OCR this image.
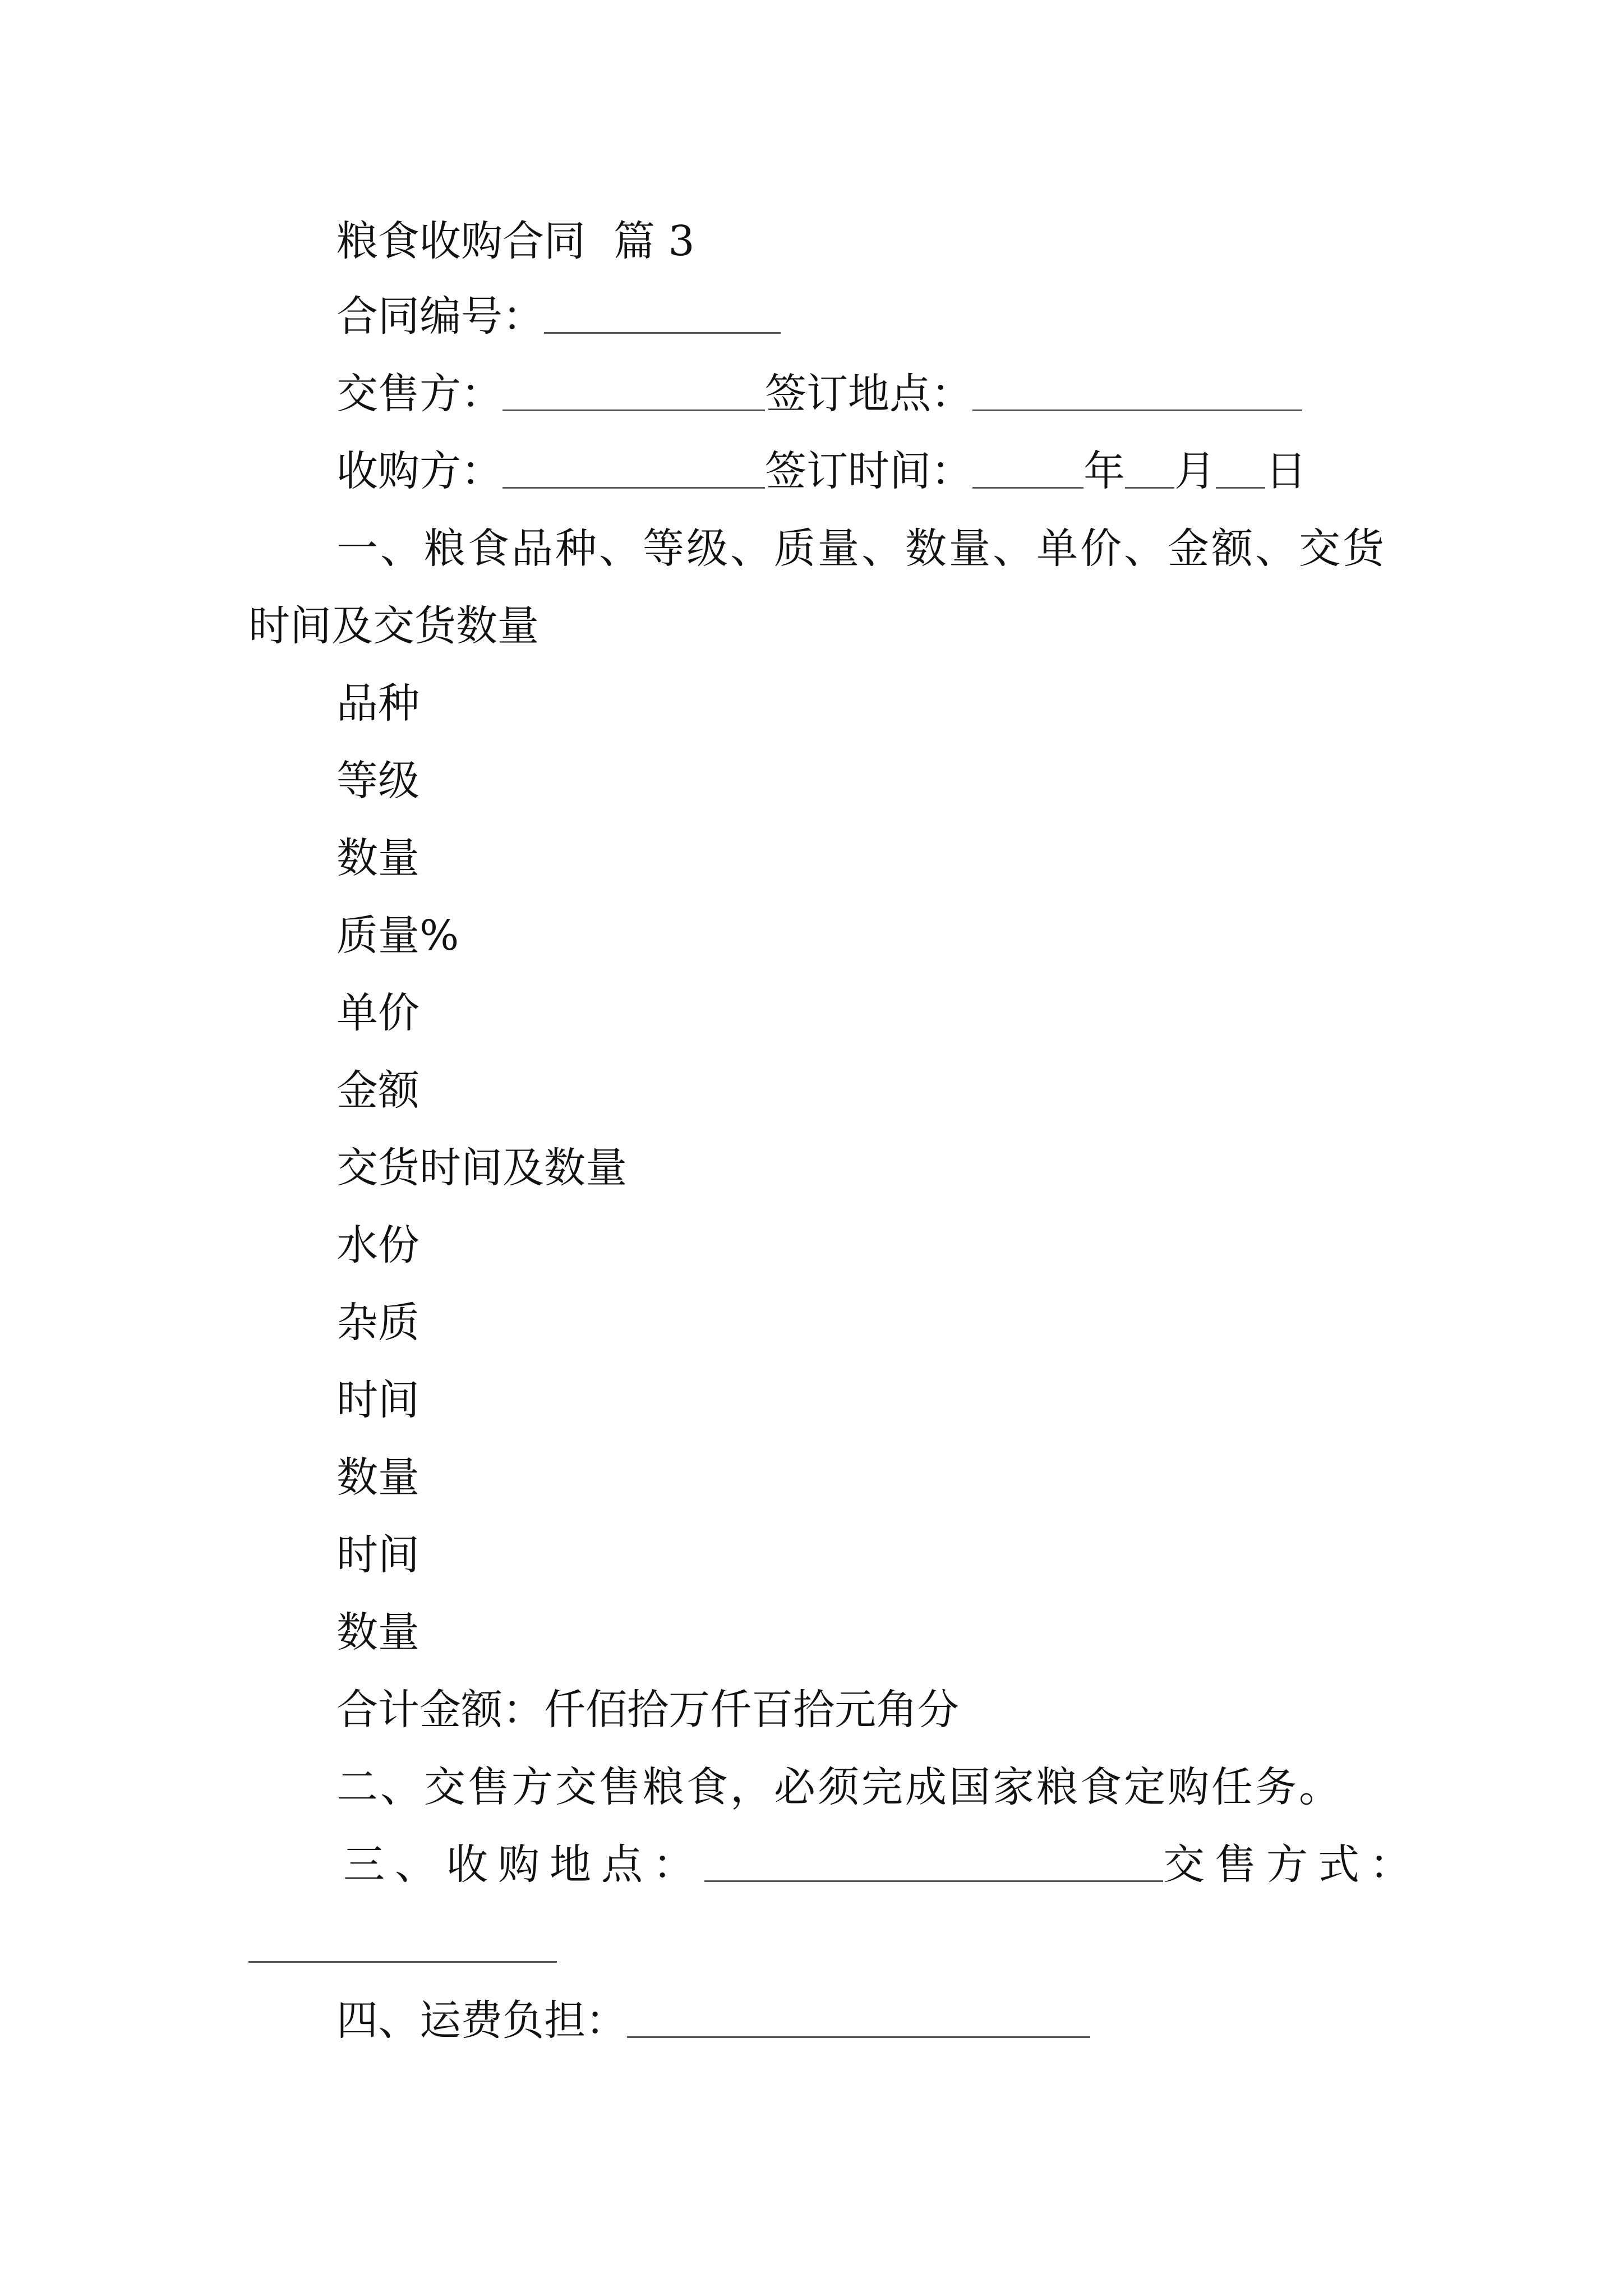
粮食收购合同 篇 3
合同编号：
交售方：	签订地点：
收购方：	签订时间：	年 月 日
一、粮食品种、等级、质量、数量、单价、金额、交货
时间及交货数量
品种
等级
数量
质量%
单价
金额
交货时间及数量
水份
杂质
时间
数量
时间
数量
合计金额：仟佰拾万仟百拾元角分
二、交售方交售粮食，必须完成国家粮食定购任务。
三、收购地点：	交售方式：
四、运费负担：
